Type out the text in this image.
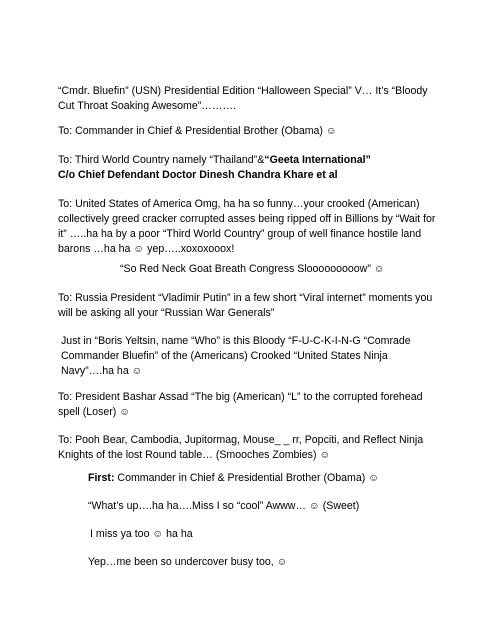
“Cmdr. Bluefin” (USN) Presidential Edition “Halloween Special” V… It’s “Bloody Cut Throat Soaking Awesome”……….

To: Commander in Chief & Presidential Brother (Obama) ☺

To: Third World Country namely “Thailand”&“Geeta International”
C/o Chief Defendant Doctor Dinesh Chandra Khare et al

To: United States of America Omg, ha ha so funny…your crooked (American) collectively greed cracker corrupted asses being ripped off in Billions by “Wait for it” …..ha ha by a poor “Third World Country” group of well finance hostile land barons …ha ha ☺ yep…..xoxoxooox!

“So Red Neck Goat Breath Congress Slooooooooow” ☺

To: Russia President “Vladimir Putin” in a few short “Viral internet” moments you will be asking all your “Russian War Generals”

Just in “Boris Yeltsin, name “Who” is this Bloody “F-U-C-K-I-N-G “Comrade Commander Bluefin” of the (Americans) Crooked “United States Ninja Navy”….ha ha ☺

To: President Bashar Assad “The big (American) “L” to the corrupted forehead spell (Loser) ☺

To: Pooh Bear, Cambodia, Jupitormag, Mouse_ _ rr, Popciti, and Reflect Ninja Knights of the lost Round table… (Smooches Zombies) ☺

First: Commander in Chief & Presidential Brother (Obama) ☺

“What’s up….ha ha….Miss I so “cool” Awww… ☺ (Sweet)

I miss ya too ☺ ha ha

Yep…me been so undercover busy too, ☺
